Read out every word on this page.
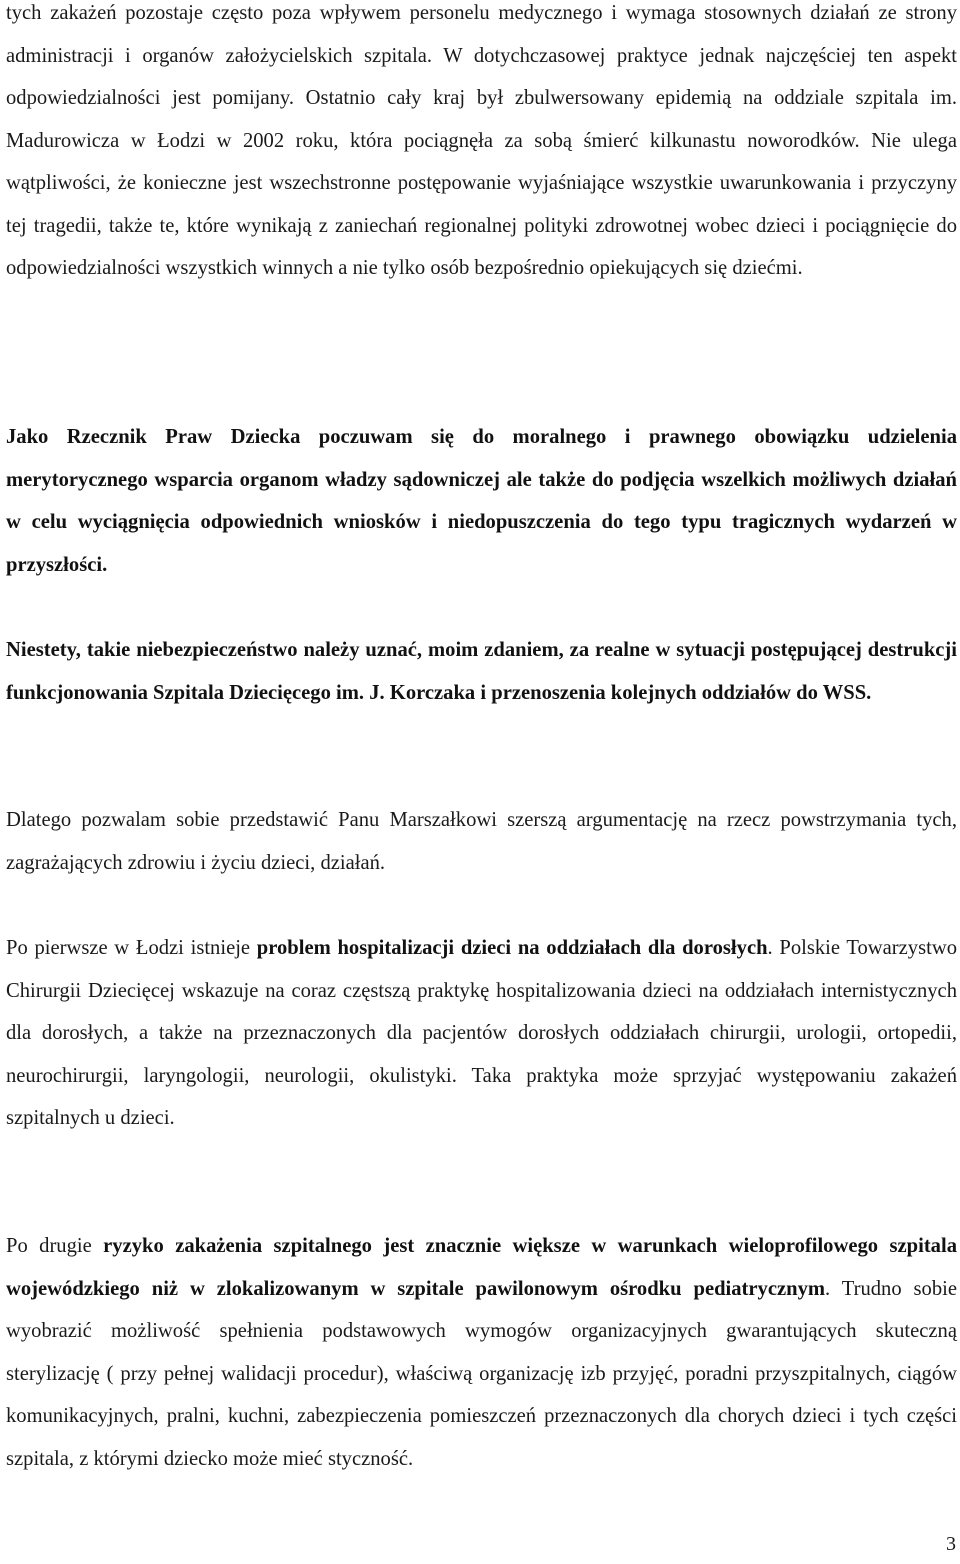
tych zakażeń pozostaje często poza wpływem personelu medycznego i wymaga stosownych działań ze strony administracji i organów założycielskich szpitala. W dotychczasowej praktyce jednak najczęściej ten aspekt odpowiedzialności jest pomijany. Ostatnio cały kraj był zbulwersowany epidemią na oddziale szpitala im. Madurowicza w Łodzi w 2002 roku, która pociągnęła za sobą śmierć kilkunastu noworodków. Nie ulega wątpliwości, że konieczne jest wszechstronne postępowanie wyjaśniające wszystkie uwarunkowania i przyczyny tej tragedii, także te, które wynikają z zaniechań regionalnej polityki zdrowotnej wobec dzieci i pociągnięcie do odpowiedzialności wszystkich winnych a nie tylko osób bezpośrednio opiekujących się dziećmi.

Jako Rzecznik Praw Dziecka poczuwam się do moralnego i prawnego obowiązku udzielenia merytorycznego wsparcia organom władzy sądowniczej ale także do podjęcia wszelkich możliwych działań w celu wyciągnięcia odpowiednich wniosków i niedopuszczenia do tego typu tragicznych wydarzeń w przyszłości.

Niestety, takie niebezpieczeństwo należy uznać, moim zdaniem, za realne w sytuacji postępującej destrukcji funkcjonowania Szpitala Dziecięcego im. J. Korczaka i przenoszenia kolejnych oddziałów do WSS.

Dlatego pozwalam sobie przedstawić Panu Marszałkowi szerszą argumentację na rzecz powstrzymania tych, zagrażających zdrowiu i życiu dzieci, działań.

Po pierwsze w Łodzi istnieje problem hospitalizacji dzieci na oddziałach dla dorosłych. Polskie Towarzystwo Chirurgii Dziecięcej wskazuje na coraz częstszą praktykę hospitalizowania dzieci na oddziałach internistycznych dla dorosłych, a także na przeznaczonych dla pacjentów dorosłych oddziałach chirurgii, urologii, ortopedii, neurochirurgii, laryngologii, neurologii, okulistyki. Taka praktyka może sprzyjać występowaniu zakażeń szpitalnych u dzieci.

Po drugie ryzyko zakażenia szpitalnego jest znacznie większe w warunkach wieloprofilowego szpitala wojewódzkiego niż w zlokalizowanym w szpitale pawilonowym ośrodku pediatrycznym. Trudno sobie wyobrazić możliwość spełnienia podstawowych wymogów organizacyjnych gwarantujących skuteczną sterylizację ( przy pełnej walidacji procedur), właściwą organizację izb przyjęć, poradni przyszpitalnych, ciągów komunikacyjnych, pralni, kuchni, zabezpieczenia pomieszczeń przeznaczonych dla chorych dzieci i tych części szpitala, z którymi dziecko może mieć styczność.

3
